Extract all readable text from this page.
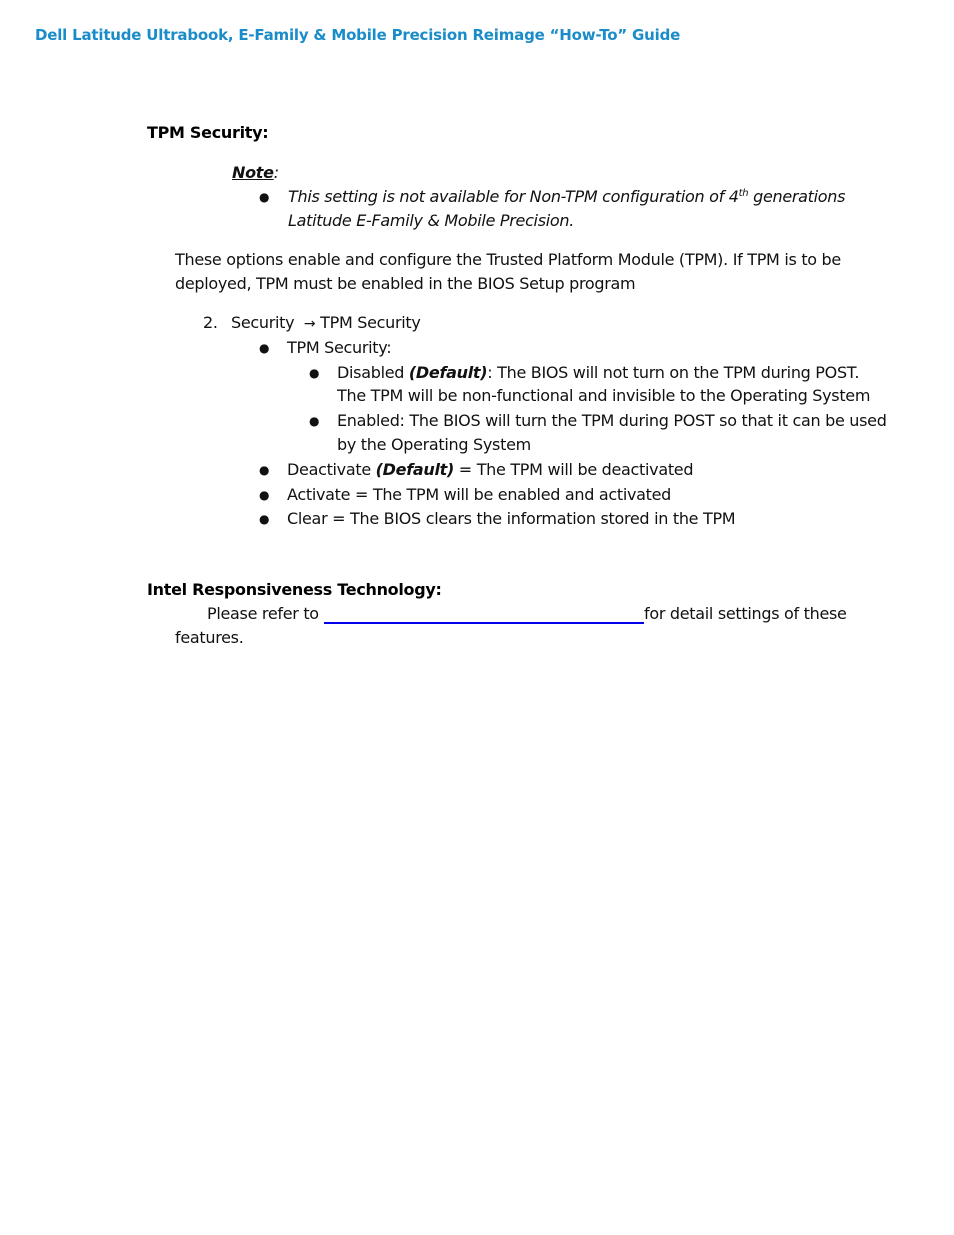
Dell Latitude Ultrabook, E-Family & Mobile Precision Reimage “How-To” Guide
TPM Security:
Note:
● This setting is not available for Non-TPM configuration of 4th generations
Latitude E-Family & Mobile Precision.
These options enable and configure the Trusted Platform Module (TPM). If TPM is to be
deployed, TPM must be enabled in the BIOS Setup program
2. Security → TPM Security
● TPM Security:
● Disabled (Default): The BIOS will not turn on the TPM during POST.
The TPM will be non-functional and invisible to the Operating System
● Enabled: The BIOS will turn the TPM during POST so that it can be used
by the Operating System
● Deactivate (Default) = The TPM will be deactivated
● Activate = The TPM will be enabled and activated
● Clear = The BIOS clears the information stored in the TPM
Intel Responsiveness Technology:
Please refer to	for detail settings of these
features.
